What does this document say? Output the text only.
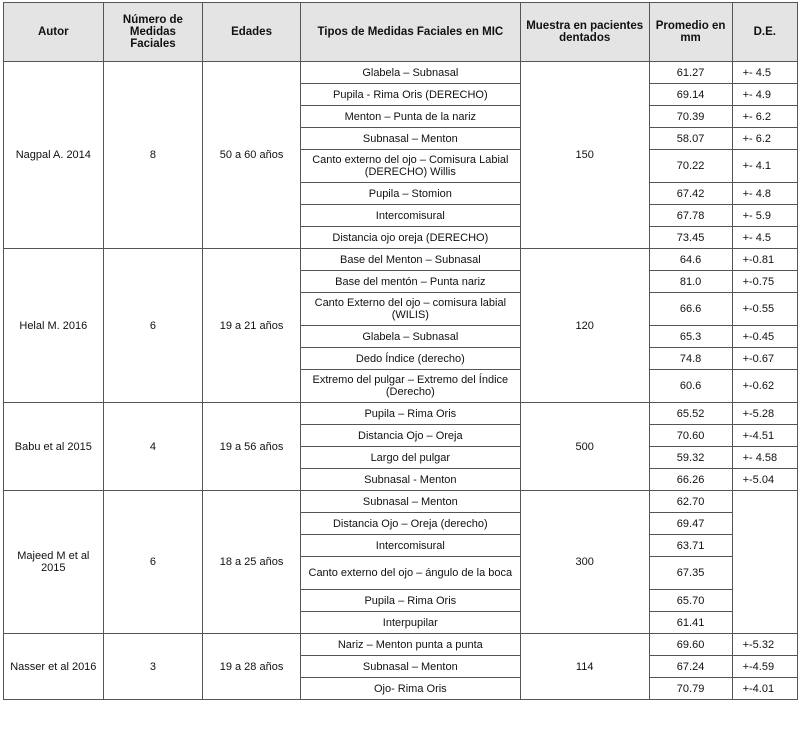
Autor	Número de Medidas Faciales	Edades	Tipos de Medidas Faciales en MIC	Muestra en pacientes dentados	Promedio en mm	D.E.
Nagpal A. 2014	8	50 a 60 años	Glabela – Subnasal	150	61.27	+- 4.5
			Pupila - Rima Oris (DERECHO)		69.14	+- 4.9
			Menton – Punta de la nariz		70.39	+- 6.2
			Subnasal – Menton		58.07	+- 6.2
			Canto externo del ojo – Comisura Labial (DERECHO) Willis		70.22	+- 4.1
			Pupila – Stomion		67.42	+- 4.8
			Intercomisural		67.78	+- 5.9
			Distancia ojo oreja (DERECHO)		73.45	+- 4.5
Helal M. 2016	6	19 a 21 años	Base del Menton – Subnasal	120	64.6	+-0.81
			Base del mentón – Punta nariz		81.0	+-0.75
			Canto Externo del ojo – comisura labial (WILIS)		66.6	+-0.55
			Glabela – Subnasal		65.3	+-0.45
			Dedo Índice (derecho)		74.8	+-0.67
			Extremo del pulgar – Extremo del Índice (Derecho)		60.6	+-0.62
Babu et al 2015	4	19 a 56 años	Pupila – Rima Oris	500	65.52	+-5.28
			Distancia Ojo – Oreja		70.60	+-4.51
			Largo del pulgar		59.32	+- 4.58
			Subnasal - Menton		66.26	+-5.04
Majeed M et al 2015	6	18 a 25 años	Subnasal – Menton	300	62.70	
			Distancia Ojo – Oreja (derecho)		69.47	
			Intercomisural		63.71	
			Canto externo del ojo – ángulo de la boca		67.35	
			Pupila – Rima Oris		65.70	
			Interpupilar		61.41	
Nasser et al 2016	3	19 a 28 años	Nariz – Menton punta a punta	114	69.60	+-5.32
			Subnasal – Menton		67.24	+-4.59
			Ojo- Rima Oris		70.79	+-4.01
